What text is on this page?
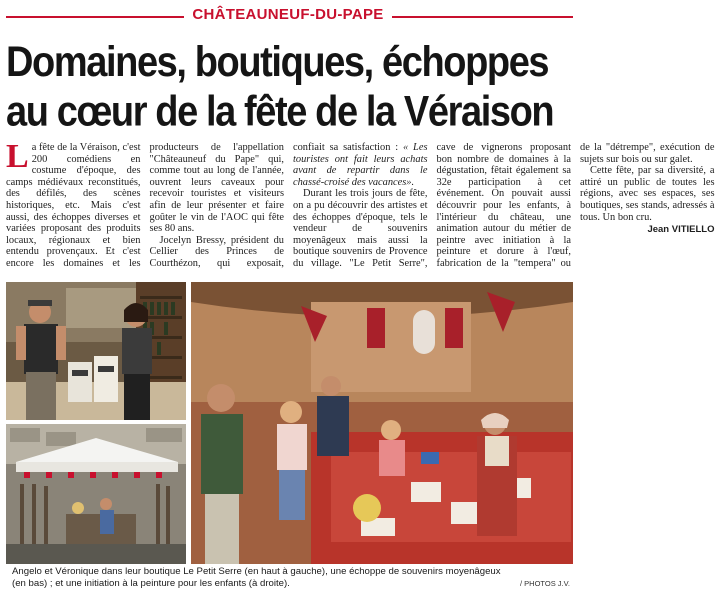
CHÂTEAUNEUF-DU-PAPE
Domaines, boutiques, échoppes
au cœur de la fête de la Véraison

La fête de la Véraison, c'est 200 comédiens en costume d'époque, des camps médiévaux reconstitués, des défilés, des scènes historiques, etc. Mais c'est aussi, des échoppes diverses et variées proposant des produits locaux, régionaux et bien entendu provençaux. Et c'est encore les domaines et les producteurs de l'appellation "Châteauneuf du Pape" qui, comme tout au long de l'année, ouvrent leurs caveaux pour recevoir touristes et visiteurs afin de leur présenter et faire goûter le vin de l'AOC qui fête ses 80 ans.

Jocelyn Bressy, président du Cellier des Princes de Courthézon, qui exposait, confiait sa satisfaction : « Les touristes ont fait leurs achats avant de repartir dans le chassé-croisé des vacances».

Durant les trois jours de fête, on a pu découvrir des artistes et des échoppes d'époque, tels le vendeur de souvenirs moyenâgeux mais aussi la boutique souvenirs de Provence du village. "Le Petit Serre", cave de vignerons proposant bon nombre de domaines à la dégustation, fêtait également sa 32e participation à cet événement. On pouvait aussi découvrir pour les enfants, à l'intérieur du château, une animation autour du métier de peintre avec initiation à la peinture et dorure à l'œuf, fabrication de la "tempera" ou de la "détrempe", exécution de sujets sur bois ou sur galet.

Cette fête, par sa diversité, a attiré un public de toutes les régions, avec ses espaces, ses boutiques, ses stands, adressés à tous. Un bon cru.
Jean VITIELLO

Angelo et Véronique dans leur boutique Le Petit Serre (en haut à gauche), une échoppe de souvenirs moyenâgeux (en bas) ; et une initiation à la peinture pour les enfants (à droite).	/ PHOTOS J.V.
